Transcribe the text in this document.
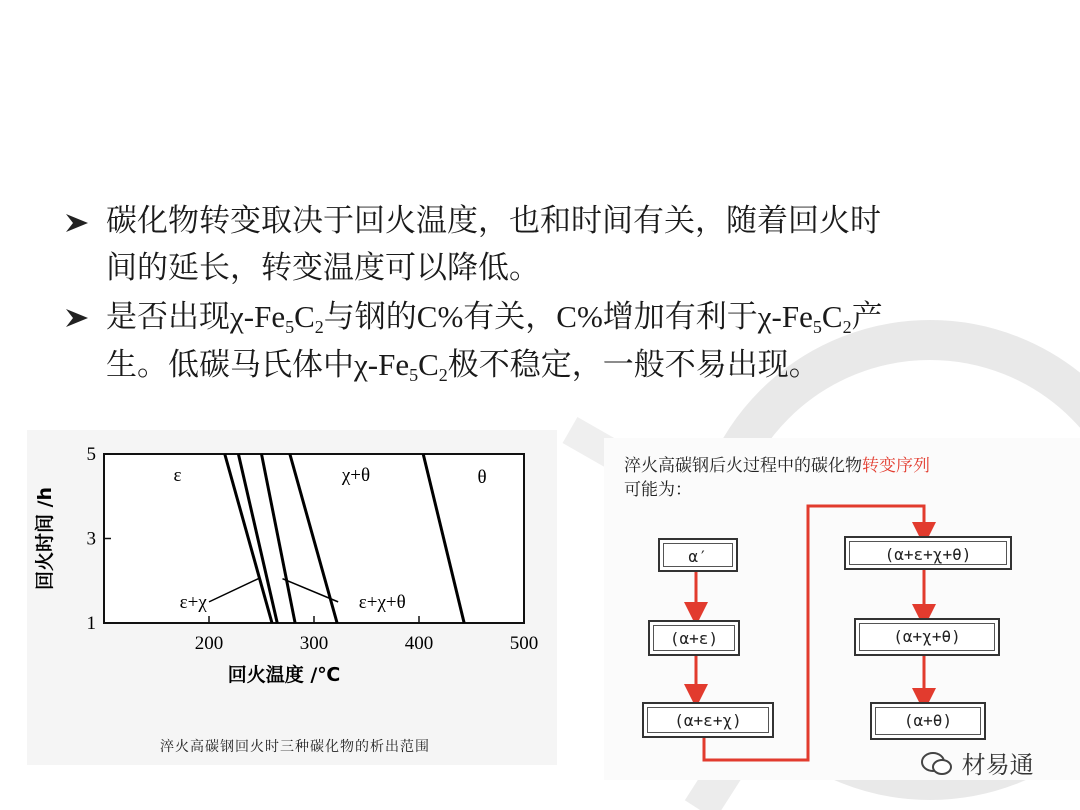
碳化物转变取决于回火温度，也和时间有关，随着回火时
间的延长，转变温度可以降低。
是否出现$\chi-Fe_5C_2$与钢的C%有关，C%增加有利于$\chi-Fe_5C_2$产
生。低碳马氏体中$\chi-Fe_5C_2$极不稳定，一般不易出现。
200	300	400	500
1
3
5
ε	χ+θ	θ
ε+χ	ε+χ+θ
回火温度 /℃
回火时间 /h
淬火高碳钢回火时三种碳化物的析出范围
淬火高碳钢后火过程中的碳化物转变序列
可能为：
α′
(α+ε)
(α+ε+χ)
(α+ε+χ+θ)
(α+χ+θ)
(α+θ)
材易通
